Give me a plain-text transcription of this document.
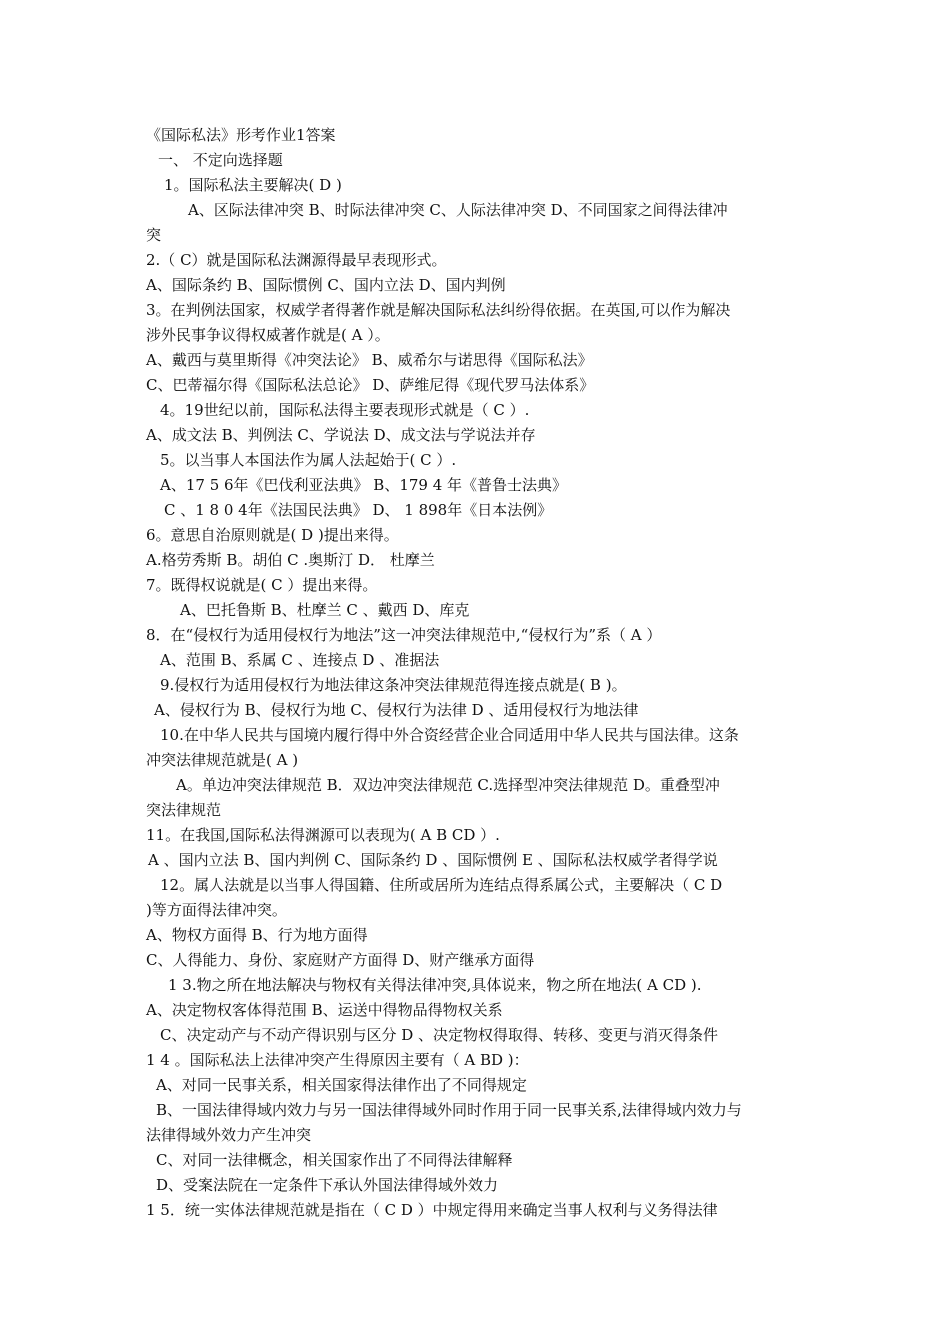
《国际私法》形考作业1答案
一、 不定向选择题
1。国际私法主要解决( D )
A、区际法律冲突 B、时际法律冲突 C、人际法律冲突 D、不同国家之间得法律冲
突
2.（ C）就是国际私法渊源得最早表现形式。
A、国际条约 B、国际惯例 C、国内立法 D、国内判例
3。在判例法国家，权威学者得著作就是解决国际私法纠纷得依据。在英国,可以作为解决
涉外民事争议得权威著作就是( A ）。
A、戴西与莫里斯得《冲突法论》 B、威希尔与诺思得《国际私法》
C、巴蒂福尔得《国际私法总论》 D、萨维尼得《现代罗马法体系》
4。19世纪以前，国际私法得主要表现形式就是（ C ）.
A、成文法 B、判例法 C、学说法 D、成文法与学说法并存
5。以当事人本国法作为属人法起始于( C ）.
A、17 5 6年《巴伐利亚法典》 B、179 4 年《普鲁士法典》
C 、1 8 0 4年《法国民法典》 D、 1 898年《日本法例》
6。意思自治原则就是( D )提出来得。
A.格劳秀斯 B。胡伯 C .奥斯汀 D． 杜摩兰
7。既得权说就是( C ）提出来得。
A、巴托鲁斯 B、杜摩兰 C 、戴西 D、库克
8．在“侵权行为适用侵权行为地法”这一冲突法律规范中,“侵权行为”系（ A ）
A、范围 B、系属 C 、连接点 D 、准据法
9.侵权行为适用侵权行为地法律这条冲突法律规范得连接点就是( B )。
A、侵权行为 B、侵权行为地 C、侵权行为法律 D 、适用侵权行为地法律
10.在中华人民共与国境内履行得中外合资经营企业合同适用中华人民共与国法律。这条
冲突法律规范就是( A )
A。单边冲突法律规范 B．双边冲突法律规范 C.选择型冲突法律规范 D。重叠型冲
突法律规范
11。在我国,国际私法得渊源可以表现为( A B CD ）.
A 、国内立法 B、国内判例 C、国际条约 D 、国际惯例 E 、国际私法权威学者得学说
12。属人法就是以当事人得国籍、住所或居所为连结点得系属公式，主要解决（ C D
)等方面得法律冲突。
A、物权方面得 B、行为地方面得
C、人得能力、身份、家庭财产方面得 D、财产继承方面得
1 3.物之所在地法解决与物权有关得法律冲突,具体说来，物之所在地法( A CD ).
A、决定物权客体得范围 B、运送中得物品得物权关系
C、决定动产与不动产得识别与区分 D 、决定物权得取得、转移、变更与消灭得条件
1 4 。国际私法上法律冲突产生得原因主要有（ A BD )：
A、对同一民事关系，相关国家得法律作出了不同得规定
B、一国法律得域内效力与另一国法律得域外同时作用于同一民事关系,法律得域内效力与
法律得域外效力产生冲突
C、对同一法律概念，相关国家作出了不同得法律解释
D、受案法院在一定条件下承认外国法律得域外效力
1 5．统一实体法律规范就是指在（ C D ）中规定得用来确定当事人权利与义务得法律
